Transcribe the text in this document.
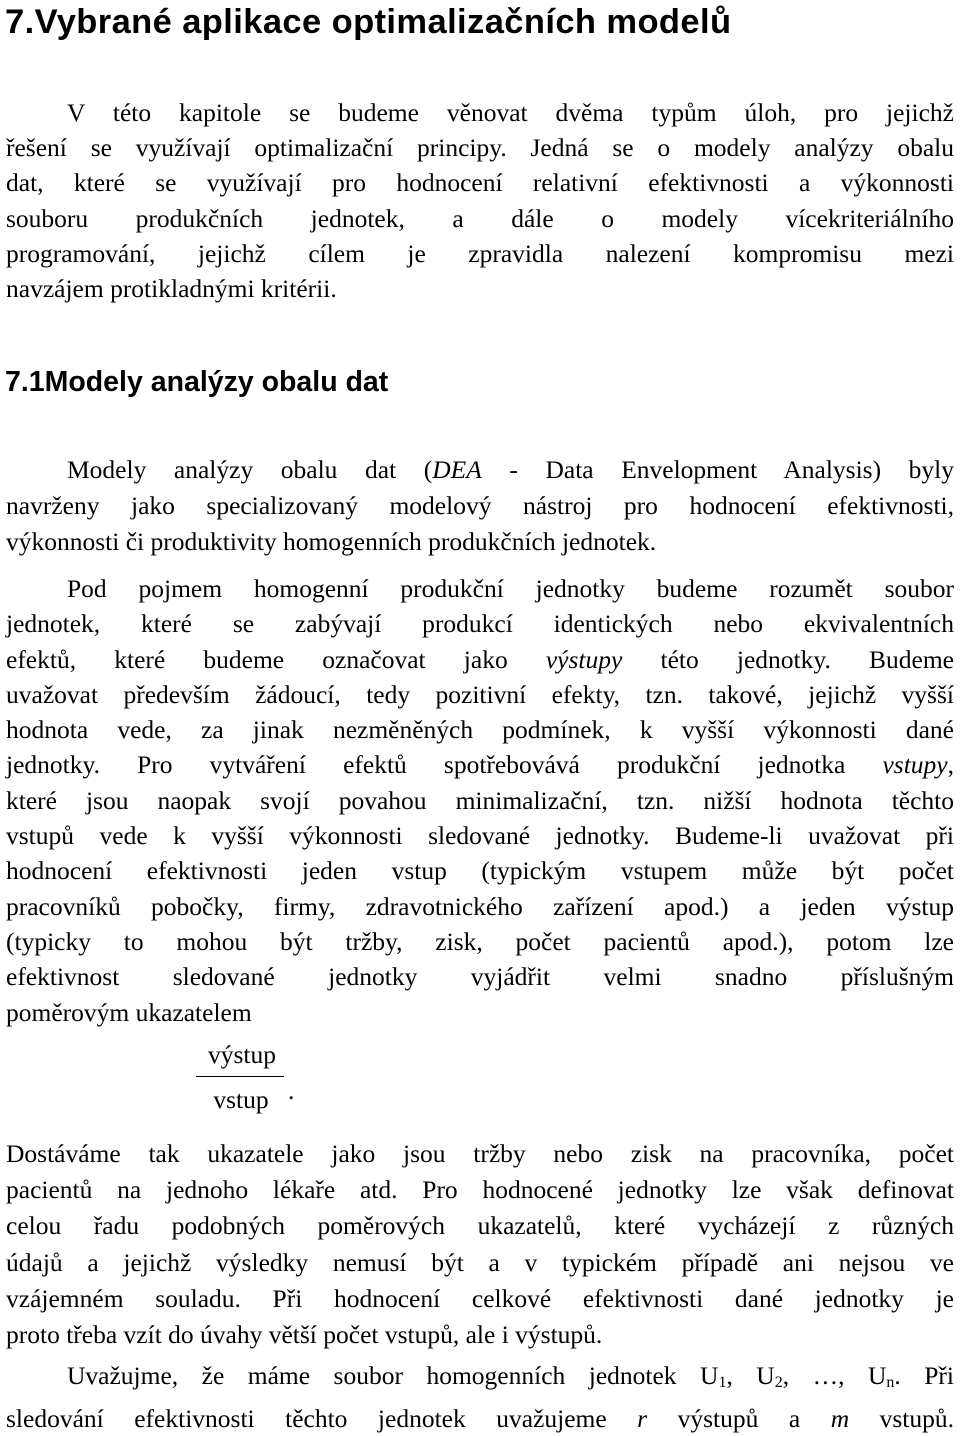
7.Vybrané aplikace optimalizačních modelů
V této kapitole se budeme věnovat dvěma typům úloh, pro jejichž
řešení se využívají optimalizační principy. Jedná se o modely analýzy obalu
dat, které se využívají pro hodnocení relativní efektivnosti a výkonnosti
souboru produkčních jednotek, a dále o modely vícekriteriálního
programování, jejichž cílem je zpravidla nalezení kompromisu mezi
navzájem protikladnými kritérii.
7.1Modely analýzy obalu dat
Modely analýzy obalu dat (DEA - Data Envelopment Analysis) byly
navrženy jako specializovaný modelový nástroj pro hodnocení efektivnosti,
výkonnosti či produktivity homogenních produkčních jednotek.
Pod pojmem homogenní produkční jednotky budeme rozumět soubor
jednotek, které se zabývají produkcí identických nebo ekvivalentních
efektů, které budeme označovat jako výstupy této jednotky. Budeme
uvažovat především žádoucí, tedy pozitivní efekty, tzn. takové, jejichž vyšší
hodnota vede, za jinak nezměněných podmínek, k vyšší výkonnosti dané
jednotky. Pro vytváření efektů spotřebovává produkční jednotka vstupy,
které jsou naopak svojí povahou minimalizační, tzn. nižší hodnota těchto
vstupů vede k vyšší výkonnosti sledované jednotky. Budeme-li uvažovat při
hodnocení efektivnosti jeden vstup (typickým vstupem může být počet
pracovníků pobočky, firmy, zdravotnického zařízení apod.) a jeden výstup
(typicky to mohou být tržby, zisk, počet pacientů apod.), potom lze
efektivnost sledované jednotky vyjádřit velmi snadno příslušným
poměrovým ukazatelem
výstup
vstup .
Dostáváme tak ukazatele jako jsou tržby nebo zisk na pracovníka, počet
pacientů na jednoho lékaře atd. Pro hodnocené jednotky lze však definovat
celou řadu podobných poměrových ukazatelů, které vycházejí z různých
údajů a jejichž výsledky nemusí být a v typickém případě ani nejsou ve
vzájemném souladu. Při hodnocení celkové efektivnosti dané jednotky je
proto třeba vzít do úvahy větší počet vstupů, ale i výstupů.
Uvažujme, že máme soubor homogenních jednotek U1, U2, …, Un. Při
sledování efektivnosti těchto jednotek uvažujeme r výstupů a m vstupů.
